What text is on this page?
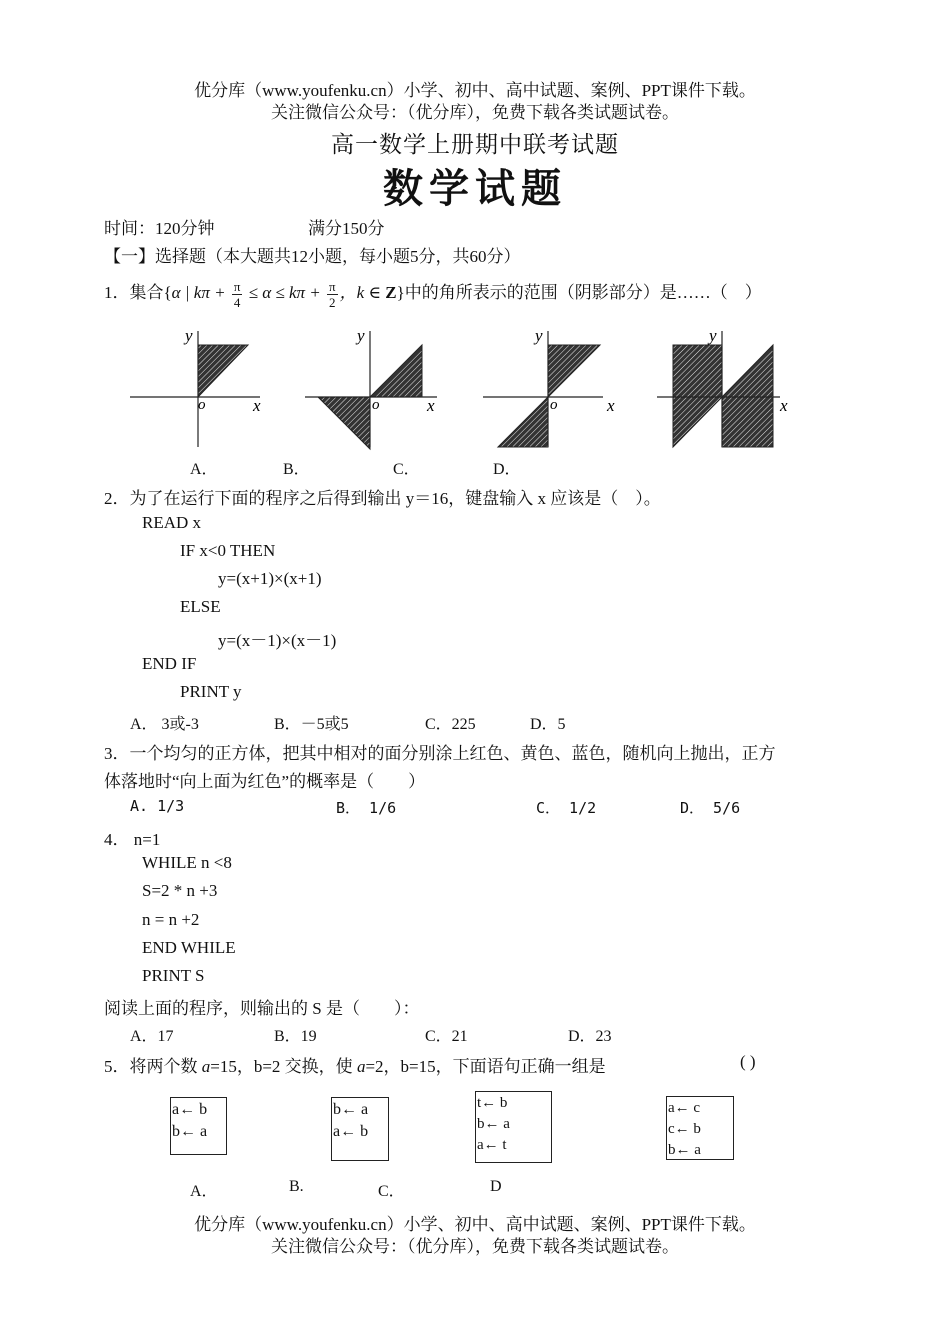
优分库（www.youfenku.cn）小学、初中、高中试题、案例、PPT课件下载。
关注微信公众号：（优分库），免费下载各类试题试卷。
高一数学上册期中联考试题
数学试题
时间：120分钟	满分150分
【一】选择题（本大题共12小题，每小题5分，共60分）
1．集合{α | $k\pi + \frac{\pi}{4} \le \alpha \le k\pi + \frac{\pi}{2}$ ，k ∈ Z}中的角所表示的范围（阴影部分）是……（　）
y
x
o
y
x
o
y
x
o
y
x
A．	B．	C．	D．
2．为了在运行下面的程序之后得到输出 y＝16，键盘输入 x 应该是（　）。
READ x
IF x<0 THEN
y=(x+1)×(x+1)
ELSE
y=(x－1)×(x－1)
END IF
PRINT y
A． 3或-3	B．－5或5	C．225	D．5
3．一个均匀的正方体，把其中相对的面分别涂上红色、黄色、蓝色，随机向上抛出，正方
体落地时“向上面为红色”的概率是（　　）
A. 1/3	B． 1/6	C． 1/2	D． 5/6
4． n=1
WHILE n <8
S=2 * n +3
n = n +2
END WHILE
PRINT S
阅读上面的程序，则输出的 S 是（　　）：
A．17	B．19	C．21	D．23
5．将两个数 a=15，b=2 交换，使 a=2，b=15，下面语句正确一组是	( )
a← b
b← a
b← a
a← b
t← b
b← a
a← t
a← c
c← b
b← a
A．	B.	C．	D
优分库（www.youfenku.cn）小学、初中、高中试题、案例、PPT课件下载。
关注微信公众号：（优分库），免费下载各类试题试卷。
